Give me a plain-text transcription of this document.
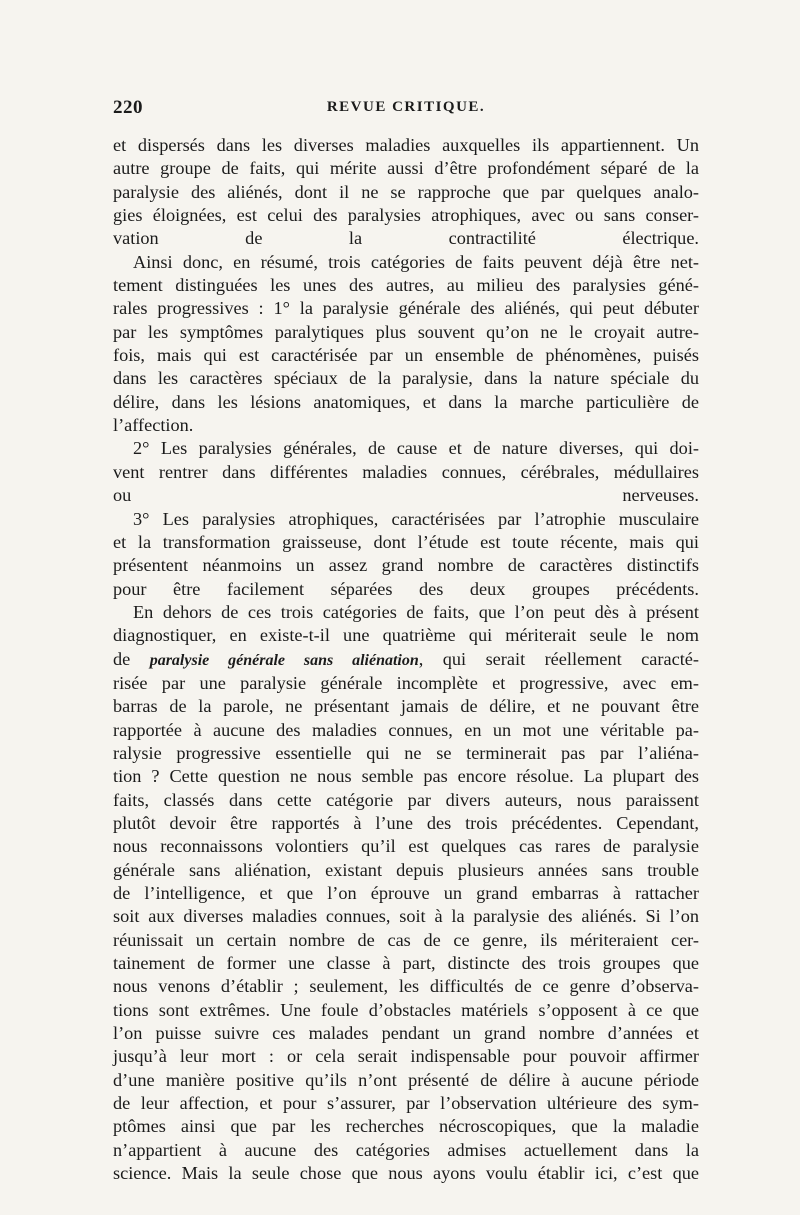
220	REVUE CRITIQUE.

et dispersés dans les diverses maladies auxquelles ils appartiennent. Un
autre groupe de faits, qui mérite aussi d’être profondément séparé de la
paralysie des aliénés, dont il ne se rapproche que par quelques analo-
gies éloignées, est celui des paralysies atrophiques, avec ou sans conser-
vation de la contractilité électrique.
Ainsi donc, en résumé, trois catégories de faits peuvent déjà être net-
tement distinguées les unes des autres, au milieu des paralysies géné-
rales progressives : 1° la paralysie générale des aliénés, qui peut débuter
par les symptômes paralytiques plus souvent qu’on ne le croyait autre-
fois, mais qui est caractérisée par un ensemble de phénomènes, puisés
dans les caractères spéciaux de la paralysie, dans la nature spéciale du
délire, dans les lésions anatomiques, et dans la marche particulière de
l’affection.
2° Les paralysies générales, de cause et de nature diverses, qui doi-
vent rentrer dans différentes maladies connues, cérébrales, médullaires
ou nerveuses.
3° Les paralysies atrophiques, caractérisées par l’atrophie musculaire
et la transformation graisseuse, dont l’étude est toute récente, mais qui
présentent néanmoins un assez grand nombre de caractères distinctifs
pour être facilement séparées des deux groupes précédents.
En dehors de ces trois catégories de faits, que l’on peut dès à présent
diagnostiquer, en existe-t-il une quatrième qui mériterait seule le nom
de paralysie générale sans aliénation, qui serait réellement caracté-
risée par une paralysie générale incomplète et progressive, avec em-
barras de la parole, ne présentant jamais de délire, et ne pouvant être
rapportée à aucune des maladies connues, en un mot une véritable pa-
ralysie progressive essentielle qui ne se terminerait pas par l’aliéna-
tion ? Cette question ne nous semble pas encore résolue. La plupart des
faits, classés dans cette catégorie par divers auteurs, nous paraissent
plutôt devoir être rapportés à l’une des trois précédentes. Cependant,
nous reconnaissons volontiers qu’il est quelques cas rares de paralysie
générale sans aliénation, existant depuis plusieurs années sans trouble
de l’intelligence, et que l’on éprouve un grand embarras à rattacher
soit aux diverses maladies connues, soit à la paralysie des aliénés. Si l’on
réunissait un certain nombre de cas de ce genre, ils mériteraient cer-
tainement de former une classe à part, distincte des trois groupes que
nous venons d’établir ; seulement, les difficultés de ce genre d’observa-
tions sont extrêmes. Une foule d’obstacles matériels s’opposent à ce que
l’on puisse suivre ces malades pendant un grand nombre d’années et
jusqu’à leur mort : or cela serait indispensable pour pouvoir affirmer
d’une manière positive qu’ils n’ont présenté de délire à aucune période
de leur affection, et pour s’assurer, par l’observation ultérieure des sym-
ptômes ainsi que par les recherches nécroscopiques, que la maladie
n’appartient à aucune des catégories admises actuellement dans la
science. Mais la seule chose que nous ayons voulu établir ici, c’est que
